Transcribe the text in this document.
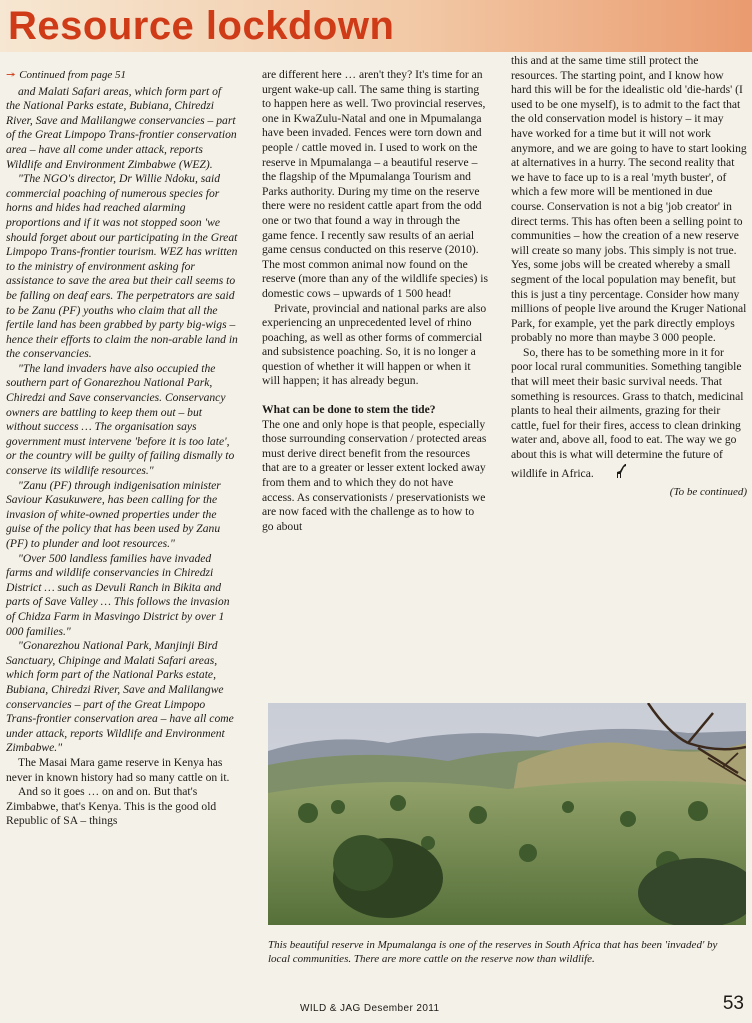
Resource lockdown

↠ Continued from page 51

and Malati Safari areas, which form part of the National Parks estate, Bubiana, Chiredzi River, Save and Malilangwe conservancies – part of the Great Limpopo Trans-frontier conservation area – have all come under attack, reports Wildlife and Environment Zimbabwe (WEZ).

"The NGO's director, Dr Willie Ndoku, said commercial poaching of numerous species for horns and hides had reached alarming proportions and if it was not stopped soon 'we should forget about our participating in the Great Limpopo Trans-frontier tourism. WEZ has written to the ministry of environment asking for assistance to save the area but their call seems to be falling on deaf ears. The perpetrators are said to be Zanu (PF) youths who claim that all the fertile land has been grabbed by party big-wigs – hence their efforts to claim the non-arable land in the conservancies.

"The land invaders have also occupied the southern part of Gonarezhou National Park, Chiredzi and Save conservancies. Conservancy owners are battling to keep them out – but without success … The organisation says government must intervene 'before it is too late', or the country will be guilty of failing dismally to conserve its wildlife resources."

"Zanu (PF) through indigenisation minister Saviour Kasukuwere, has been calling for the invasion of white-owned properties under the guise of the policy that has been used by Zanu (PF) to plunder and loot resources."

"Over 500 landless families have invaded farms and wildlife conservancies in Chiredzi District … such as Devuli Ranch in Bikita and parts of Save Valley … This follows the invasion of Chidza Farm in Masvingo District by over 1 000 families."

"Gonarezhou National Park, Manjinji Bird Sanctuary, Chipinge and Malati Safari areas, which form part of the National Parks estate, Bubiana, Chiredzi River, Save and Malilangwe conservancies – part of the Great Limpopo Trans-frontier conservation area – have all come under attack, reports Wildlife and Environment Zimbabwe."

The Masai Mara game reserve in Kenya has never in known history had so many cattle on it.

And so it goes … on and on. But that's Zimbabwe, that's Kenya. This is the good old Republic of SA – things

are different here … aren't they? It's time for an urgent wake-up call. The same thing is starting to happen here as well. Two provincial reserves, one in KwaZulu-Natal and one in Mpumalanga have been invaded. Fences were torn down and people / cattle moved in. I used to work on the reserve in Mpumalanga – a beautiful reserve – the flagship of the Mpumalanga Tourism and Parks authority. During my time on the reserve there were no resident cattle apart from the odd one or two that found a way in through the game fence. I recently saw results of an aerial game census conducted on this reserve (2010). The most common animal now found on the reserve (more than any of the wildlife species) is domestic cows – upwards of 1 500 head!

Private, provincial and national parks are also experiencing an unprecedented level of rhino poaching, as well as other forms of commercial and subsistence poaching. So, it is no longer a question of whether it will happen or when it will happen; it has already begun.

What can be done to stem the tide?

The one and only hope is that people, especially those surrounding conservation / protected areas must derive direct benefit from the resources that are to a greater or lesser extent locked away from them and to which they do not have access. As conservationists / preservationists we are now faced with the challenge as to how to go about

this and at the same time still protect the resources. The starting point, and I know how hard this will be for the idealistic old 'die-hards' (I used to be one myself), is to admit to the fact that the old conservation model is history – it may have worked for a time but it will not work anymore, and we are going to have to start looking at alternatives in a hurry. The second reality that we have to face up to is a real 'myth buster', of which a few more will be mentioned in due course. Conservation is not a big 'job creator' in direct terms. This has often been a selling point to communities – how the creation of a new reserve will create so many jobs. This simply is not true. Yes, some jobs will be created whereby a small segment of the local population may benefit, but this is just a tiny percentage. Consider how many millions of people live around the Kruger National Park, for example, yet the park directly employs probably no more than maybe 3 000 people.

So, there has to be something more in it for poor local rural communities. Something tangible that will meet their basic survival needs. That something is resources. Grass to thatch, medicinal plants to heal their ailments, grazing for their cattle, fuel for their fires, access to clean drinking water and, above all, food to eat. The way we go about this is what will determine the future of wildlife in Africa.

(To be continued)

This beautiful reserve in Mpumalanga is one of the reserves in South Africa that has been 'invaded' by local communities. There are more cattle on the reserve now than wildlife.

WILD & JAG Desember 2011	53
